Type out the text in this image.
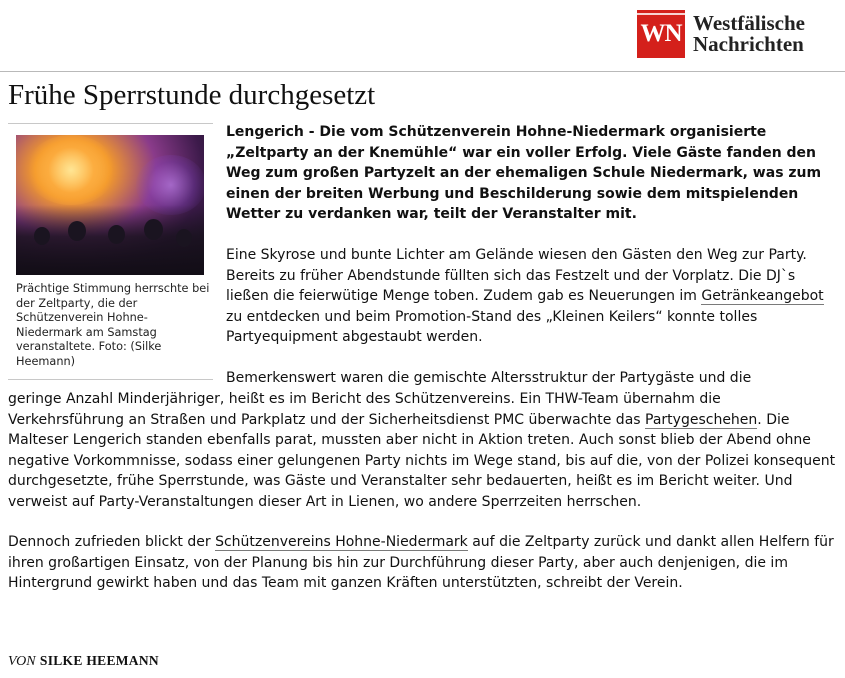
WN Westfälische
Nachrichten
Frühe Sperrstunde durchgesetzt
Prächtige Stimmung herrschte bei der Zeltparty, die der Schützenverein Hohne-Niedermark am Samstag veranstaltete. Foto: (Silke Heemann)

Lengerich - Die vom Schützenverein Hohne-Niedermark organisierte „Zeltparty an der Knemühle“ war ein voller Erfolg. Viele Gäste fanden den Weg zum großen Partyzelt an der ehemaligen Schule Niedermark, was zum einen der breiten Werbung und Beschilderung sowie dem mitspielenden Wetter zu verdanken war, teilt der Veranstalter mit.

Eine Skyrose und bunte Lichter am Gelände wiesen den Gästen den Weg zur Party. Bereits zu früher Abendstunde füllten sich das Festzelt und der Vorplatz. Die DJ`s ließen die feierwütige Menge toben. Zudem gab es Neuerungen im Getränkeangebot zu entdecken und beim Promotion-Stand des „Kleinen Keilers“ konnte tolles Partyequipment abgestaubt werden.

Bemerkenswert waren die gemischte Altersstruktur der Partygäste und die

geringe Anzahl Minderjähriger, heißt es im Bericht des Schützenvereins. Ein THW-Team übernahm die Verkehrsführung an Straßen und Parkplatz und der Sicherheitsdienst PMC überwachte das Partygeschehen. Die Malteser Lengerich standen ebenfalls parat, mussten aber nicht in Aktion treten. Auch sonst blieb der Abend ohne negative Vorkommnisse, sodass einer gelungenen Party nichts im Wege stand, bis auf die, von der Polizei konsequent durchgesetzte, frühe Sperrstunde, was Gäste und Veranstalter sehr bedauerten, heißt es im Bericht weiter. Und verweist auf Party-Veranstaltungen dieser Art in Lienen, wo andere Sperrzeiten herrschen.

Dennoch zufrieden blickt der Schützenvereins Hohne-Niedermark auf die Zeltparty zurück und dankt allen Helfern für ihren großartigen Einsatz, von der Planung bis hin zur Durchführung dieser Party, aber auch denjenigen, die im Hintergrund gewirkt haben und das Team mit ganzen Kräften unterstützten, schreibt der Verein.

VON SILKE HEEMANN
